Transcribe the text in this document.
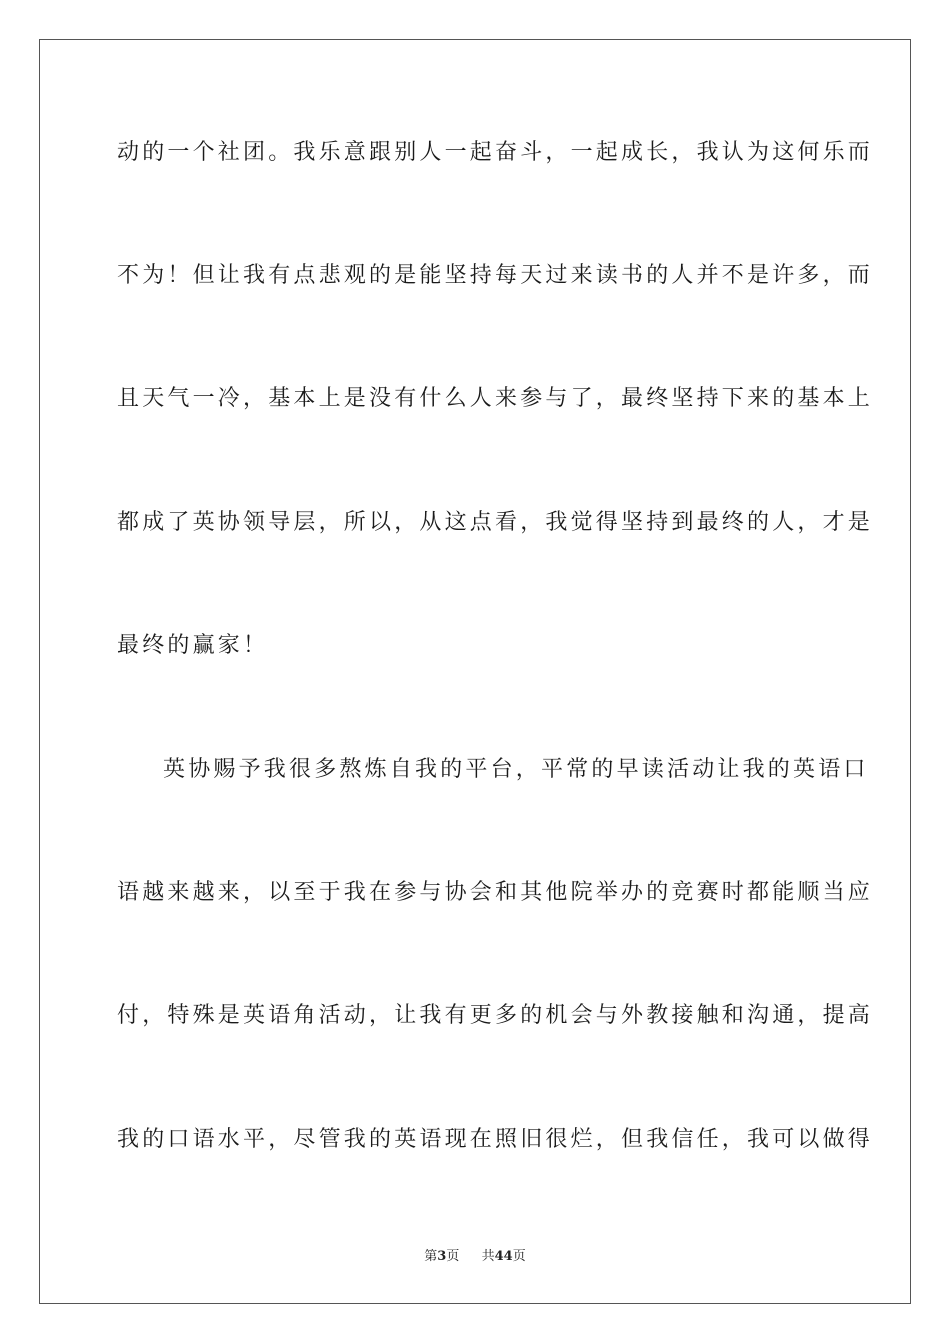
动的一个社团。我乐意跟别人一起奋斗，一起成长，我认为这何乐而
不为！但让我有点悲观的是能坚持每天过来读书的人并不是许多，而
且天气一冷，基本上是没有什么人来参与了，最终坚持下来的基本上
都成了英协领导层，所以，从这点看，我觉得坚持到最终的人，才是
最终的赢家！
英协赐予我很多熬炼自我的平台，平常的早读活动让我的英语口
语越来越来，以至于我在参与协会和其他院举办的竞赛时都能顺当应
付，特殊是英语角活动，让我有更多的机会与外教接触和沟通，提高
我的口语水平，尽管我的英语现在照旧很烂，但我信任，我可以做得
第3页 共44页
